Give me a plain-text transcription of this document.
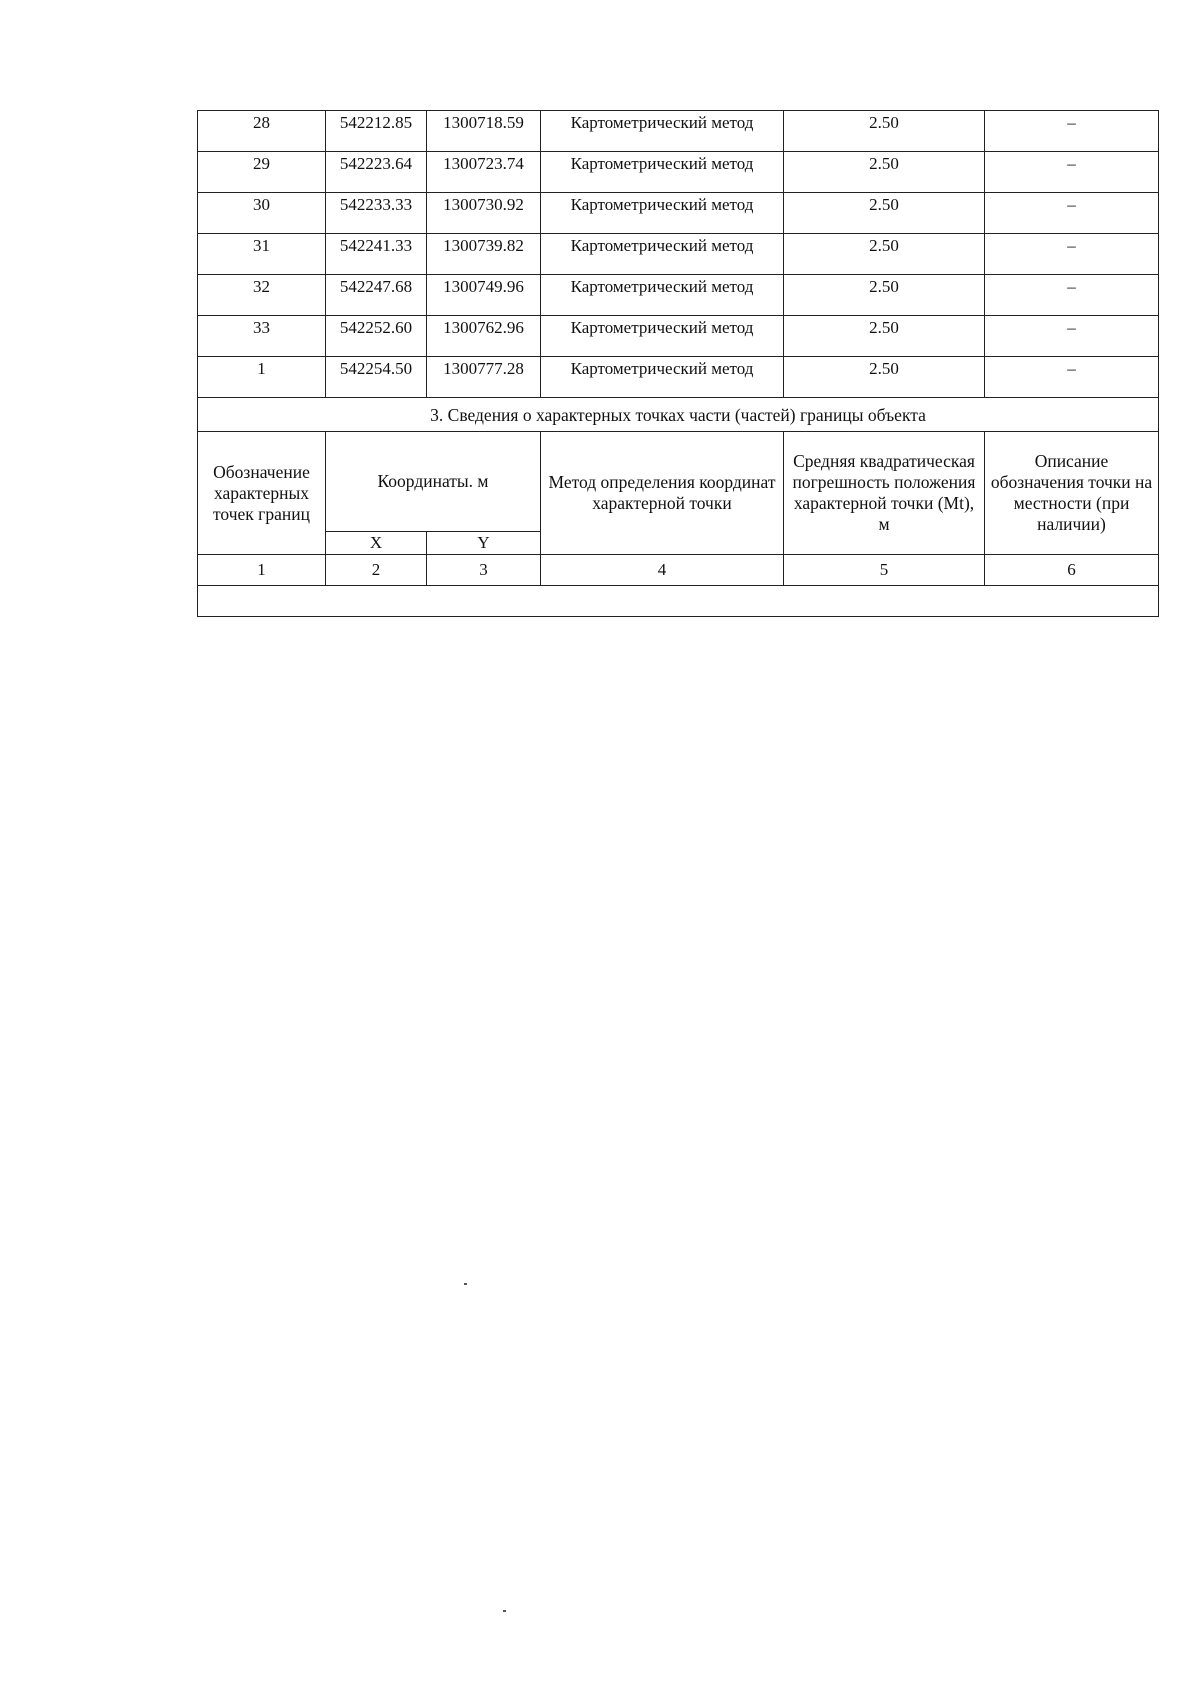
28	542212.85	1300718.59	Картометрический метод	2.50	–
29	542223.64	1300723.74	Картометрический метод	2.50	–
30	542233.33	1300730.92	Картометрический метод	2.50	–
31	542241.33	1300739.82	Картометрический метод	2.50	–
32	542247.68	1300749.96	Картометрический метод	2.50	–
33	542252.60	1300762.96	Картометрический метод	2.50	–
1	542254.50	1300777.28	Картометрический метод	2.50	–
3. Сведения о характерных точках части (частей) границы объекта					
Обозначение характерных точек границ	Координаты. м		Метод определения координат характерной точки	Средняя квадратическая погрешность положения характерной точки (Mt), м	Описание обозначения точки на местности (при наличии)
	X	Y			
1	2	3	4	5	6
